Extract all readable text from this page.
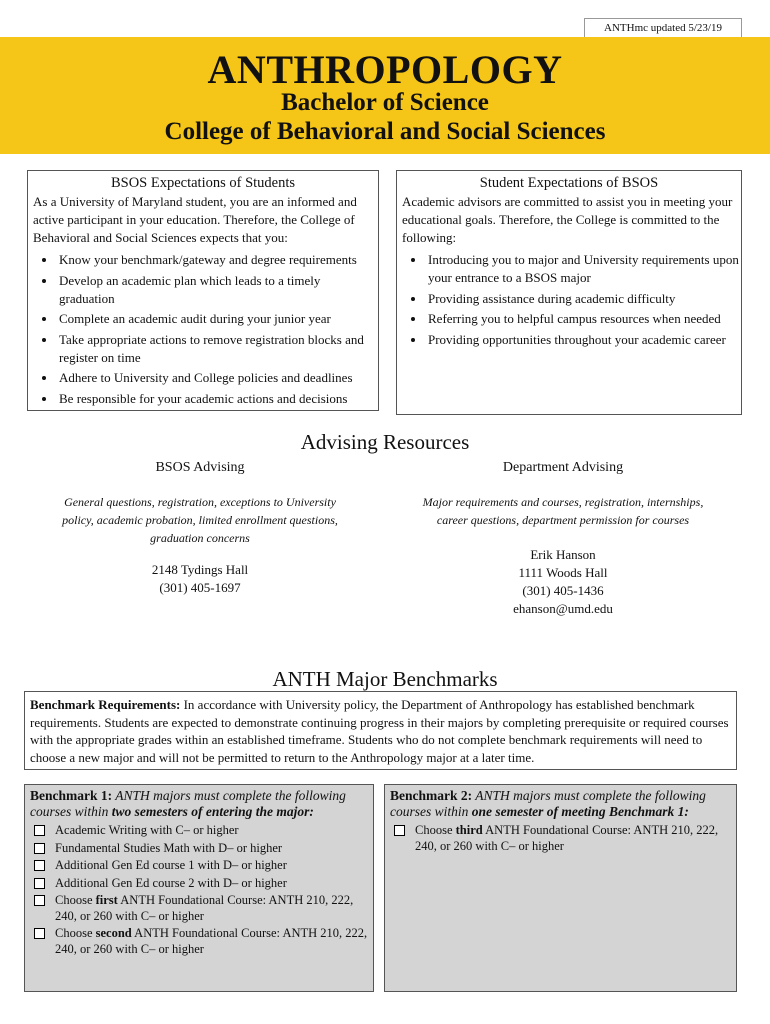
ANTHmc updated 5/23/19
ANTHROPOLOGY
Bachelor of Science
College of Behavioral and Social Sciences
BSOS Expectations of Students
As a University of Maryland student, you are an informed and active participant in your education. Therefore, the College of Behavioral and Social Sciences expects that you:
• Know your benchmark/gateway and degree requirements
• Develop an academic plan which leads to a timely graduation
• Complete an academic audit during your junior year
• Take appropriate actions to remove registration blocks and register on time
• Adhere to University and College policies and deadlines
• Be responsible for your academic actions and decisions
Student Expectations of BSOS
Academic advisors are committed to assist you in meeting your educational goals. Therefore, the College is committed to the following:
• Introducing you to major and University requirements upon your entrance to a BSOS major
• Providing assistance during academic difficulty
• Referring you to helpful campus resources when needed
• Providing opportunities throughout your academic career
Advising Resources
BSOS Advising
General questions, registration, exceptions to University policy, academic probation, limited enrollment questions, graduation concerns
2148 Tydings Hall
(301) 405-1697
Department Advising
Major requirements and courses, registration, internships, career questions, department permission for courses
Erik Hanson
1111 Woods Hall
(301) 405-1436
ehanson@umd.edu
ANTH Major Benchmarks
Benchmark Requirements: In accordance with University policy, the Department of Anthropology has established benchmark requirements. Students are expected to demonstrate continuing progress in their majors by completing prerequisite or required courses with the appropriate grades within an established timeframe. Students who do not complete benchmark requirements will need to choose a new major and will not be permitted to return to the Anthropology major at a later time.
Benchmark 1: ANTH majors must complete the following courses within two semesters of entering the major:
Academic Writing with C– or higher
Fundamental Studies Math with D– or higher
Additional Gen Ed course 1 with D– or higher
Additional Gen Ed course 2 with D– or higher
Choose first ANTH Foundational Course: ANTH 210, 222, 240, or 260 with C– or higher
Choose second ANTH Foundational Course: ANTH 210, 222, 240, or 260 with C– or higher
Benchmark 2: ANTH majors must complete the following courses within one semester of meeting Benchmark 1:
Choose third ANTH Foundational Course: ANTH 210, 222, 240, or 260 with C– or higher
